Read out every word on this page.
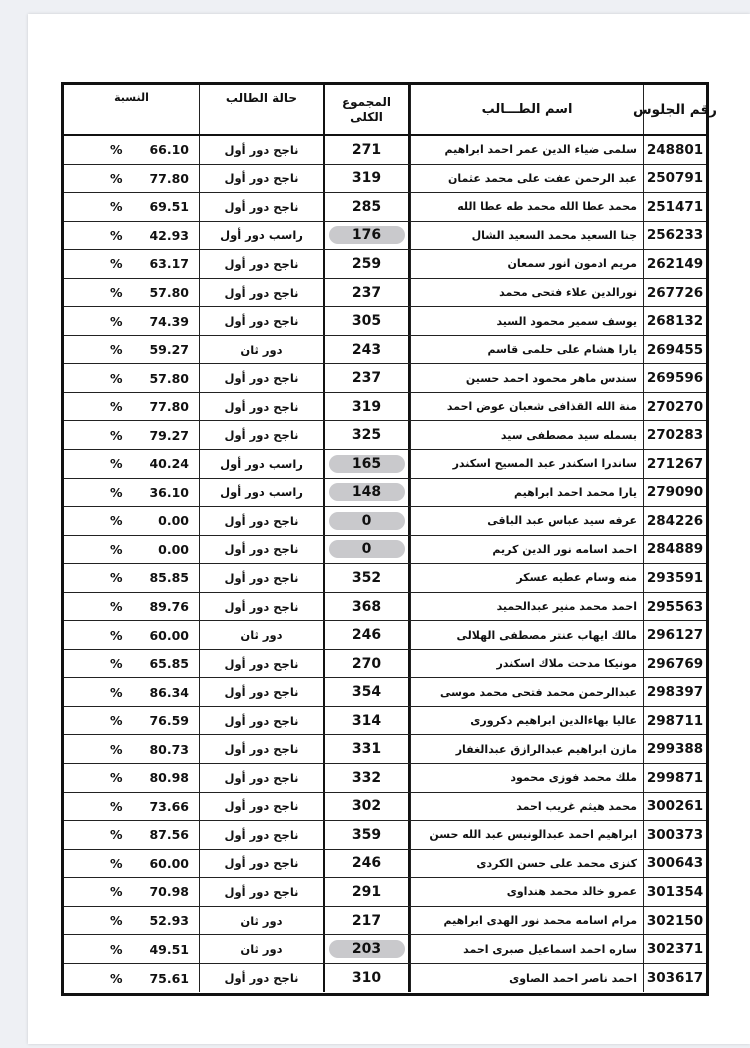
النسبة	حالة الطالب	المجموع
الكلى	اسم الطـــالب	رقم الجلوس
% 66.10	ناجح دور أول	271	سلمى ضياء الدين عمر احمد ابراهيم 248801
% 77.80	ناجح دور أول	319	عبد الرحمن عفت على محمد عثمان 250791
% 69.51	ناجح دور أول	285	محمد عطا الله محمد طه عطا الله 251471
% 42.93	راسب دور أول	176	جنا السعيد محمد السعيد الشال 256233
% 63.17	ناجح دور أول	259	مريم ادمون انور سمعان 262149
% 57.80	ناجح دور أول	237	نورالدين علاء فتحى محمد 267726
% 74.39	ناجح دور أول	305	يوسف سمير محمود السيد 268132
% 59.27	دور ثان	243	يارا هشام على حلمى قاسم 269455
% 57.80	ناجح دور أول	237	سندس ماهر محمود احمد حسين 269596
% 77.80	ناجح دور أول	319	منة الله القذافى شعبان عوض احمد 270270
% 79.27	ناجح دور أول	325	بسمله سيد مصطفى سيد 270283
% 40.24	راسب دور أول	165	ساندرا اسكندر عبد المسيح اسكندر 271267
% 36.10	راسب دور أول	148	يارا محمد احمد ابراهيم 279090
%	0.00	ناجح دور أول	0	عرفه سيد عباس عبد الباقى 284226
%	0.00	ناجح دور أول	0	احمد اسامه نور الدين كريم 284889
% 85.85	ناجح دور أول	352	منه وسام عطيه عسكر 293591
% 89.76	ناجح دور أول	368	احمد محمد منير عبدالحميد 295563
% 60.00	دور ثان	246	مالك ايهاب عنتر مصطفى الهلالى 296127
% 65.85	ناجح دور أول	270	مونيكا مدحت ملاك اسكندر 296769
% 86.34	ناجح دور أول	354	عبدالرحمن محمد فتحى محمد موسى 298397
% 76.59	ناجح دور أول	314	عاليا بهاءالدين ابراهيم دكرورى 298711
% 80.73	ناجح دور أول	331	مازن ابراهيم عبدالرازق عبدالغفار 299388
% 80.98	ناجح دور أول	332	ملك محمد فوزى محمود 299871
% 73.66	ناجح دور أول	302	محمد هيثم غريب احمد 300261
% 87.56	ناجح دور أول	359	ابراهيم احمد عبدالونيس عبد الله حسن 300373
% 60.00	ناجح دور أول	246	كنزى محمد على حسن الكردى 300643
% 70.98	ناجح دور أول	291	عمرو خالد محمد هنداوى 301354
% 52.93	دور ثان	217	مرام اسامه محمد نور الهدى ابراهيم 302150
% 49.51	دور ثان	203	ساره احمد اسماعيل صبرى احمد 302371
% 75.61	ناجح دور أول	310	احمد ناصر احمد الصاوى 303617
